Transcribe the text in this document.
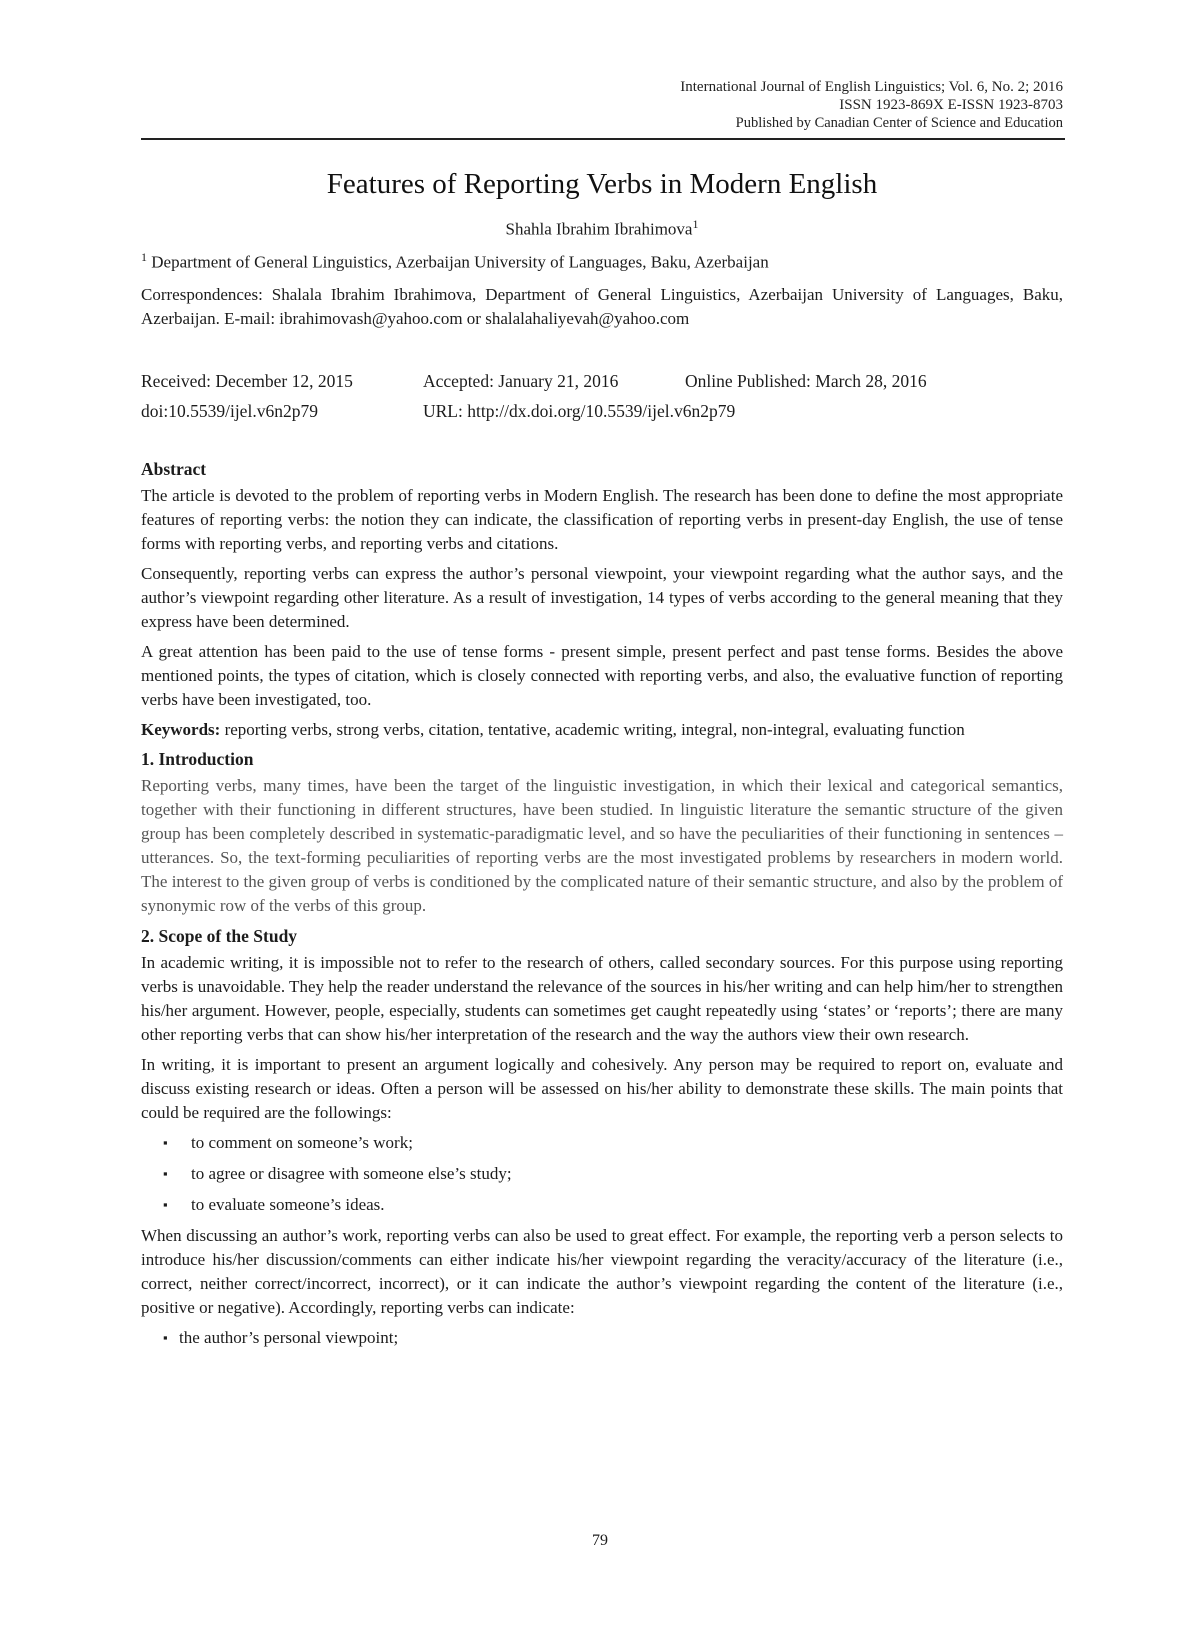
International Journal of English Linguistics; Vol. 6, No. 2; 2016
ISSN 1923-869X E-ISSN 1923-8703
Published by Canadian Center of Science and Education
Features of Reporting Verbs in Modern English
Shahla Ibrahim Ibrahimova$^1$
$^1$ Department of General Linguistics, Azerbaijan University of Languages, Baku, Azerbaijan
Correspondences: Shalala Ibrahim Ibrahimova, Department of General Linguistics, Azerbaijan University of Languages, Baku, Azerbaijan. E-mail: ibrahimovash@yahoo.com or shalalahaliyevah@yahoo.com
Received: December 12, 2015	Accepted: January 21, 2016	Online Published: March 28, 2016
doi:10.5539/ijel.v6n2p79	URL: http://dx.doi.org/10.5539/ijel.v6n2p79
Abstract

The article is devoted to the problem of reporting verbs in Modern English. The research has been done to define the most appropriate features of reporting verbs: the notion they can indicate, the classification of reporting verbs in present-day English, the use of tense forms with reporting verbs, and reporting verbs and citations.

Consequently, reporting verbs can express the author’s personal viewpoint, your viewpoint regarding what the author says, and the author’s viewpoint regarding other literature. As a result of investigation, 14 types of verbs according to the general meaning that they express have been determined.

A great attention has been paid to the use of tense forms - present simple, present perfect and past tense forms. Besides the above mentioned points, the types of citation, which is closely connected with reporting verbs, and also, the evaluative function of reporting verbs have been investigated, too.

Keywords: reporting verbs, strong verbs, citation, tentative, academic writing, integral, non-integral, evaluating function
1. Introduction

Reporting verbs, many times, have been the target of the linguistic investigation, in which their lexical and categorical semantics, together with their functioning in different structures, have been studied. In linguistic literature the semantic structure of the given group has been completely described in systematic-paradigmatic level, and so have the peculiarities of their functioning in sentences – utterances. So, the text-forming peculiarities of reporting verbs are the most investigated problems by researchers in modern world. The interest to the given group of verbs is conditioned by the complicated nature of their semantic structure, and also by the problem of synonymic row of the verbs of this group.

2. Scope of the Study

In academic writing, it is impossible not to refer to the research of others, called secondary sources. For this purpose using reporting verbs is unavoidable. They help the reader understand the relevance of the sources in his/her writing and can help him/her to strengthen his/her argument. However, people, especially, students can sometimes get caught repeatedly using ‘states’ or ‘reports’; there are many other reporting verbs that can show his/her interpretation of the research and the way the authors view their own research.

In writing, it is important to present an argument logically and cohesively. Any person may be required to report on, evaluate and discuss existing research or ideas. Often a person will be assessed on his/her ability to demonstrate these skills. The main points that could be required are the followings:

▪ to comment on someone’s work;
▪ to agree or disagree with someone else’s study;
▪ to evaluate someone’s ideas.

When discussing an author’s work, reporting verbs can also be used to great effect. For example, the reporting verb a person selects to introduce his/her discussion/comments can either indicate his/her viewpoint regarding the veracity/accuracy of the literature (i.e., correct, neither correct/incorrect, incorrect), or it can indicate the author’s viewpoint regarding the content of the literature (i.e., positive or negative). Accordingly, reporting verbs can indicate:

▪ the author’s personal viewpoint;
79
